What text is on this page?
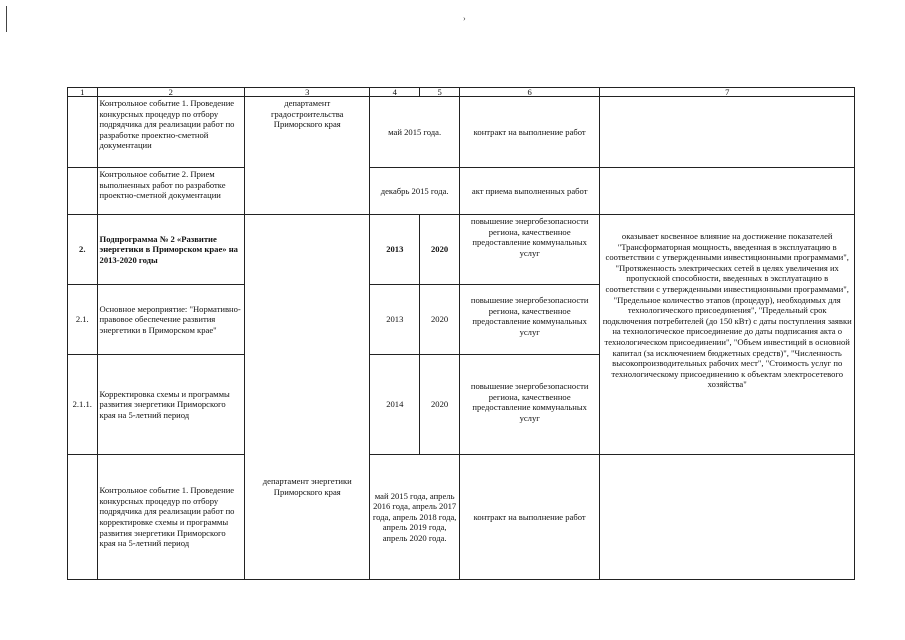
›
1	2	3	4	5	6	7
	Контрольное событие 1. Проведение конкурсных процедур по отбору подрядчика для реализации работ по разработке проектно-сметной документации	департамент градостроительства Приморского края	май 2015 года.		контракт на выполнение работ	
	Контрольное событие 2. Прием выполненных работ по разработке проектно-сметной документации		декабрь 2015 года.		акт приема выполненных работ	
2.	Подпрограмма № 2 «Развитие энергетики в Приморском крае» на 2013-2020 годы	департамент энергетики Приморского края	2013	2020	повышение энергобезопасности региона, качественное предоставление коммунальных услуг	оказывает косвенное влияние на достижение показателей "Трансформаторная мощность, введенная в эксплуатацию в соответствии с утвержденными инвестиционными программами", "Протяженность электрических сетей в целях увеличения их пропускной способности, введенных в эксплуатацию в соответствии с утвержденными инвестиционными программами", "Предельное количество этапов (процедур), необходимых для технологического присоединения", "Предельный срок подключения потребителей (до 150 кВт) с даты поступления заявки на технологическое присоединение до даты подписания акта о технологическом присоединении", "Объем инвестиций в основной капитал (за исключением бюджетных средств)", "Численность высокопроизводительных рабочих мест", "Стоимость услуг по технологическому присоединению к объектам электросетевого хозяйства"
2.1.	Основное мероприятие: "Нормативно-правовое обеспечение развития энергетики в Приморском крае"		2013	2020	повышение энергобезопасности региона, качественное предоставление коммунальных услуг	
2.1.1.	Корректировка схемы и программы развития энергетики Приморского края на 5-летний период		2014	2020	повышение энергобезопасности региона, качественное предоставление коммунальных услуг	
	Контрольное событие 1. Проведение конкурсных процедур по отбору подрядчика для реализации работ по корректировке схемы и программы развития энергетики Приморского края на 5-летний период		май 2015 года, апрель 2016 года, апрель 2017 года, апрель 2018 года, апрель 2019 года, апрель 2020 года.		контракт на выполнение работ	
